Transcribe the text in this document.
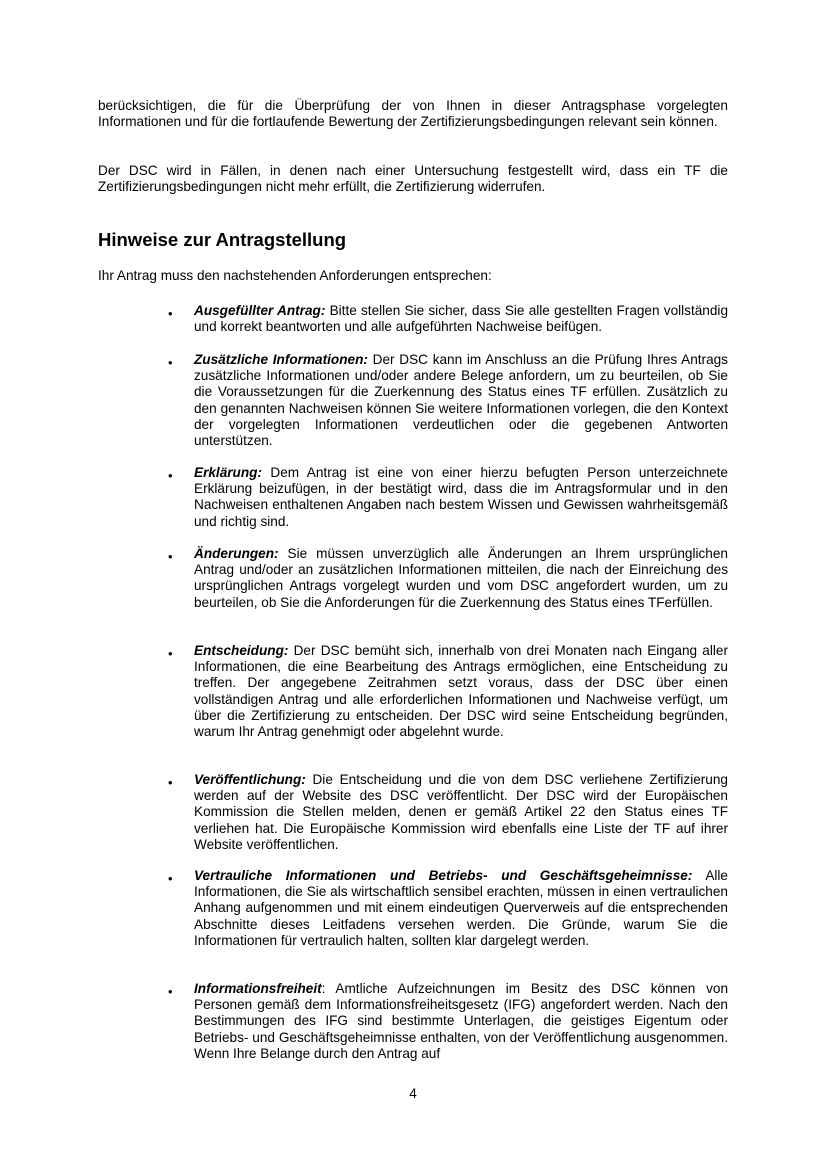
berücksichtigen, die für die Überprüfung der von Ihnen in dieser Antragsphase vorgelegten Informationen und für die fortlaufende Bewertung der Zertifizierungsbedingungen relevant sein können.

Der DSC wird in Fällen, in denen nach einer Untersuchung festgestellt wird, dass ein TF die Zertifizierungsbedingungen nicht mehr erfüllt, die Zertifizierung widerrufen.

Hinweise zur Antragstellung

Ihr Antrag muss den nachstehenden Anforderungen entsprechen:

• Ausgefüllter Antrag: Bitte stellen Sie sicher, dass Sie alle gestellten Fragen vollständig und korrekt beantworten und alle aufgeführten Nachweise beifügen.

• Zusätzliche Informationen: Der DSC kann im Anschluss an die Prüfung Ihres Antrags zusätzliche Informationen und/oder andere Belege anfordern, um zu beurteilen, ob Sie die Voraussetzungen für die Zuerkennung des Status eines TF erfüllen. Zusätzlich zu den genannten Nachweisen können Sie weitere Informationen vorlegen, die den Kontext der vorgelegten Informationen verdeutlichen oder die gegebenen Antworten unterstützen.

• Erklärung: Dem Antrag ist eine von einer hierzu befugten Person unterzeichnete Erklärung beizufügen, in der bestätigt wird, dass die im Antragsformular und in den Nachweisen enthaltenen Angaben nach bestem Wissen und Gewissen wahrheitsgemäß und richtig sind.

• Änderungen: Sie müssen unverzüglich alle Änderungen an Ihrem ursprünglichen Antrag und/oder an zusätzlichen Informationen mitteilen, die nach der Einreichung des ursprünglichen Antrags vorgelegt wurden und vom DSC angefordert wurden, um zu beurteilen, ob Sie die Anforderungen für die Zuerkennung des Status eines TFerfüllen.

• Entscheidung: Der DSC bemüht sich, innerhalb von drei Monaten nach Eingang aller Informationen, die eine Bearbeitung des Antrags ermöglichen, eine Entscheidung zu treffen. Der angegebene Zeitrahmen setzt voraus, dass der DSC über einen vollständigen Antrag und alle erforderlichen Informationen und Nachweise verfügt, um über die Zertifizierung zu entscheiden. Der DSC wird seine Entscheidung begründen, warum Ihr Antrag genehmigt oder abgelehnt wurde.

• Veröffentlichung: Die Entscheidung und die von dem DSC verliehene Zertifizierung werden auf der Website des DSC veröffentlicht. Der DSC wird der Europäischen Kommission die Stellen melden, denen er gemäß Artikel 22 den Status eines TF verliehen hat. Die Europäische Kommission wird ebenfalls eine Liste der TF auf ihrer Website veröffentlichen.

• Vertrauliche Informationen und Betriebs- und Geschäftsgeheimnisse: Alle Informationen, die Sie als wirtschaftlich sensibel erachten, müssen in einen vertraulichen Anhang aufgenommen und mit einem eindeutigen Querverweis auf die entsprechenden Abschnitte dieses Leitfadens versehen werden. Die Gründe, warum Sie die Informationen für vertraulich halten, sollten klar dargelegt werden.

• Informationsfreiheit: Amtliche Aufzeichnungen im Besitz des DSC können von Personen gemäß dem Informationsfreiheitsgesetz (IFG) angefordert werden. Nach den Bestimmungen des IFG sind bestimmte Unterlagen, die geistiges Eigentum oder Betriebs- und Geschäftsgeheimnisse enthalten, von der Veröffentlichung ausgenommen. Wenn Ihre Belange durch den Antrag auf

4
